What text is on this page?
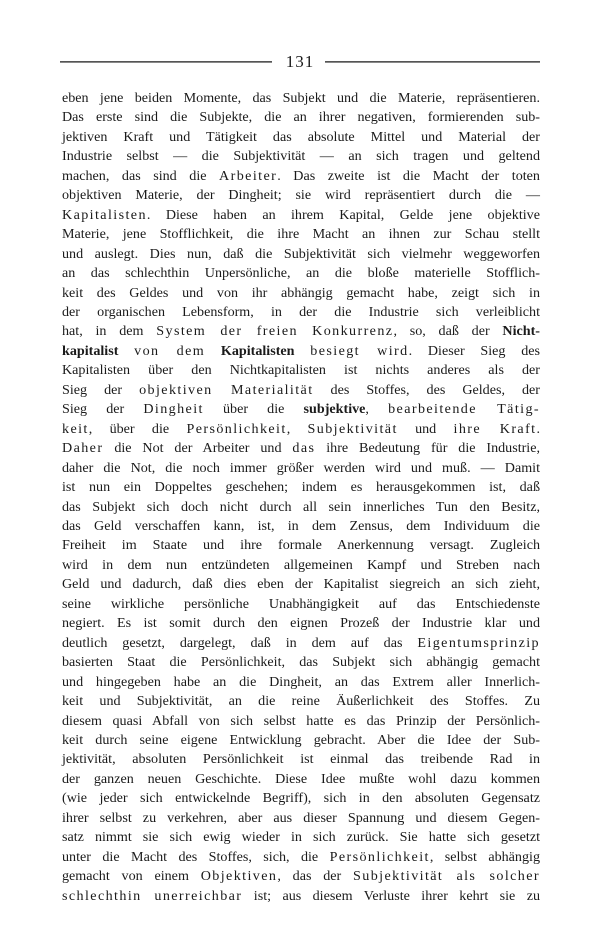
131
eben jene beiden Momente, das Subjekt und die Materie, repräsentieren.
Das erste sind die Subjekte, die an ihrer negativen, formierenden sub-
jektiven Kraft und Tätigkeit das absolute Mittel und Material der
Industrie selbst — die Subjektivität — an sich tragen und geltend
machen, das sind die Arbeiter. Das zweite ist die Macht der toten
objektiven Materie, der Dingheit; sie wird repräsentiert durch die —
Kapitalisten. Diese haben an ihrem Kapital, Gelde jene objektive
Materie, jene Stofflichkeit, die ihre Macht an ihnen zur Schau stellt
und auslegt. Dies nun, daß die Subjektivität sich vielmehr weggeworfen
an das schlechthin Unpersönliche, an die bloße materielle Stofflich-
keit des Geldes und von ihr abhängig gemacht habe, zeigt sich in
der organischen Lebensform, in der die Industrie sich verleiblicht
hat, in dem System der freien Konkurrenz, so, daß der Nicht-
kapitalist von dem Kapitalisten besiegt wird. Dieser Sieg des
Kapitalisten über den Nichtkapitalisten ist nichts anderes als der
Sieg der objektiven Materialität des Stoffes, des Geldes, der
Sieg der Dingheit über die subjektive, bearbeitende Tätig-
keit, über die Persönlichkeit, Subjektivität und ihre Kraft.
Daher die Not der Arbeiter und das ihre Bedeutung für die Industrie,
daher die Not, die noch immer größer werden wird und muß. — Damit
ist nun ein Doppeltes geschehen; indem es herausgekommen ist, daß
das Subjekt sich doch nicht durch all sein innerliches Tun den Besitz,
das Geld verschaffen kann, ist, in dem Zensus, dem Individuum die
Freiheit im Staate und ihre formale Anerkennung versagt. Zugleich
wird in dem nun entzündeten allgemeinen Kampf und Streben nach
Geld und dadurch, daß dies eben der Kapitalist siegreich an sich zieht,
seine wirkliche persönliche Unabhängigkeit auf das Entschiedenste
negiert. Es ist somit durch den eignen Prozeß der Industrie klar und
deutlich gesetzt, dargelegt, daß in dem auf das Eigentumsprinzip
basierten Staat die Persönlichkeit, das Subjekt sich abhängig gemacht
und hingegeben habe an die Dingheit, an das Extrem aller Innerlich-
keit und Subjektivität, an die reine Äußerlichkeit des Stoffes. Zu
diesem quasi Abfall von sich selbst hatte es das Prinzip der Persönlich-
keit durch seine eigene Entwicklung gebracht. Aber die Idee der Sub-
jektivität, absoluten Persönlichkeit ist einmal das treibende Rad in
der ganzen neuen Geschichte. Diese Idee mußte wohl dazu kommen
(wie jeder sich entwickelnde Begriff), sich in den absoluten Gegensatz
ihrer selbst zu verkehren, aber aus dieser Spannung und diesem Gegen-
satz nimmt sie sich ewig wieder in sich zurück. Sie hatte sich gesetzt
unter die Macht des Stoffes, sich, die Persönlichkeit, selbst abhängig
gemacht von einem Objektiven, das der Subjektivität als solcher
schlechthin unerreichbar ist; aus diesem Verluste ihrer kehrt sie zu
